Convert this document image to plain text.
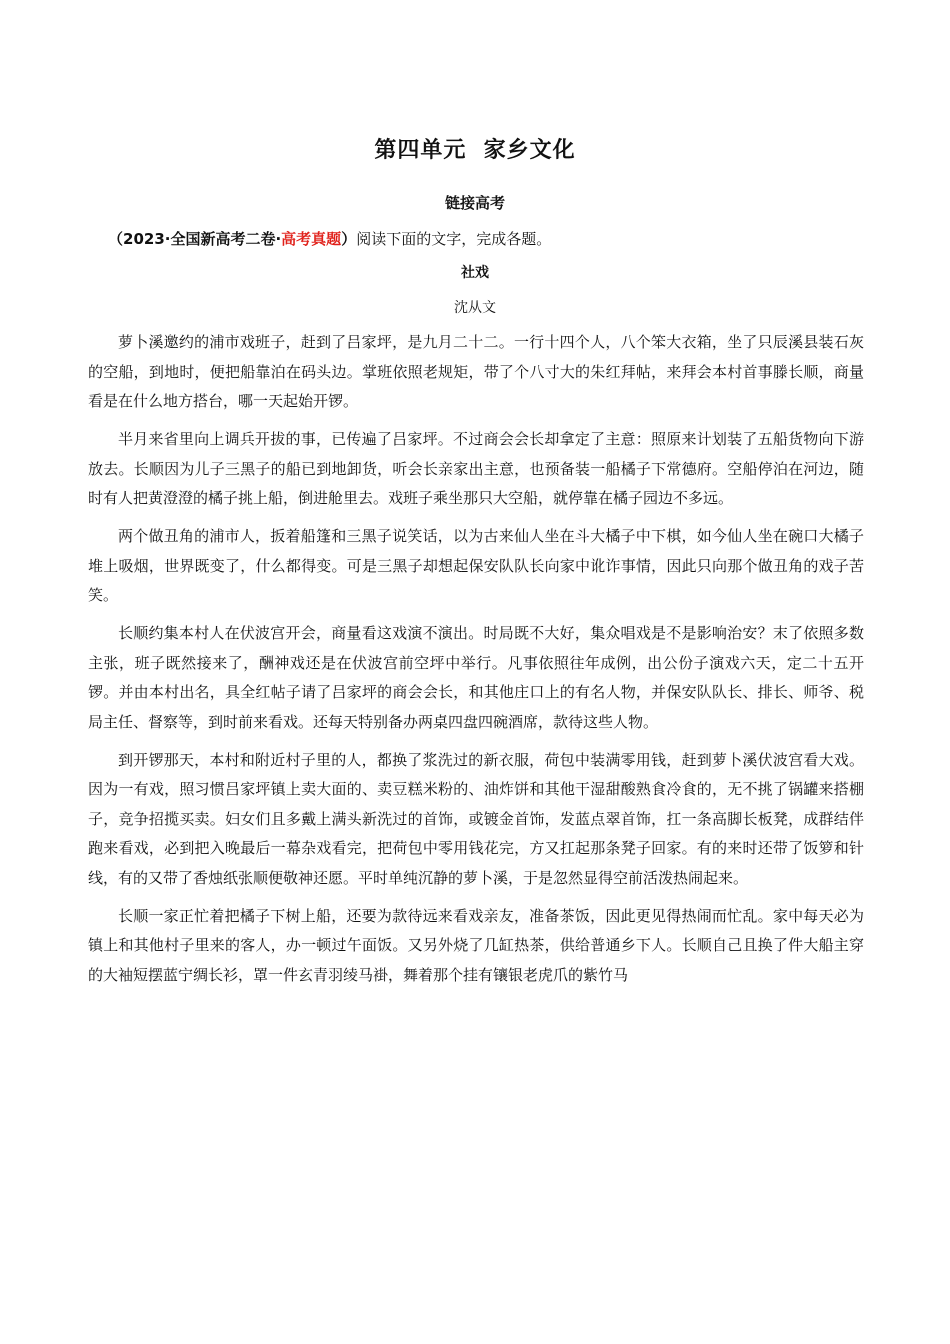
第四单元  家乡文化
链接高考
（2023·全国新高考二卷·高考真题）阅读下面的文字，完成各题。
社戏
沈从文

萝卜溪邀约的浦市戏班子，赶到了吕家坪，是九月二十二。一行十四个人，八个笨大衣箱，坐了只辰溪县装石灰的空船，到地时，便把船靠泊在码头边。掌班依照老规矩，带了个八寸大的朱红拜帖，来拜会本村首事滕长顺，商量看是在什么地方搭台，哪一天起始开锣。

半月来省里向上调兵开拔的事，已传遍了吕家坪。不过商会会长却拿定了主意：照原来计划装了五船货物向下游放去。长顺因为儿子三黑子的船已到地卸货，听会长亲家出主意，也预备装一船橘子下常德府。空船停泊在河边，随时有人把黄澄澄的橘子挑上船，倒进舱里去。戏班子乘坐那只大空船，就停靠在橘子园边不多远。

两个做丑角的浦市人，扳着船篷和三黑子说笑话，以为古来仙人坐在斗大橘子中下棋，如今仙人坐在碗口大橘子堆上吸烟，世界既变了，什么都得变。可是三黑子却想起保安队队长向家中讹诈事情，因此只向那个做丑角的戏子苦笑。

长顺约集本村人在伏波宫开会，商量看这戏演不演出。时局既不大好，集众唱戏是不是影响治安？末了依照多数主张，班子既然接来了，酬神戏还是在伏波宫前空坪中举行。凡事依照往年成例，出公份子演戏六天，定二十五开锣。并由本村出名，具全红帖子请了吕家坪的商会会长，和其他庄口上的有名人物，并保安队队长、排长、师爷、税局主任、督察等，到时前来看戏。还每天特别备办两桌四盘四碗酒席，款待这些人物。

到开锣那天，本村和附近村子里的人，都换了浆洗过的新衣服，荷包中装满零用钱，赶到萝卜溪伏波宫看大戏。因为一有戏，照习惯吕家坪镇上卖大面的、卖豆糕米粉的、油炸饼和其他干湿甜酸熟食冷食的，无不挑了锅罐来搭棚子，竞争招揽买卖。妇女们且多戴上满头新洗过的首饰，或镀金首饰，发蓝点翠首饰，扛一条高脚长板凳，成群结伴跑来看戏，必到把入晚最后一幕杂戏看完，把荷包中零用钱花完，方又扛起那条凳子回家。有的来时还带了饭箩和针线，有的又带了香烛纸张顺便敬神还愿。平时单纯沉静的萝卜溪，于是忽然显得空前活泼热闹起来。

长顺一家正忙着把橘子下树上船，还要为款待远来看戏亲友，准备茶饭，因此更见得热闹而忙乱。家中每天必为镇上和其他村子里来的客人，办一顿过午面饭。又另外烧了几缸热茶，供给普通乡下人。长顺自己且换了件大船主穿的大袖短摆蓝宁绸长衫，罩一件玄青羽绫马褂，舞着那个挂有镶银老虎爪的紫竹马
